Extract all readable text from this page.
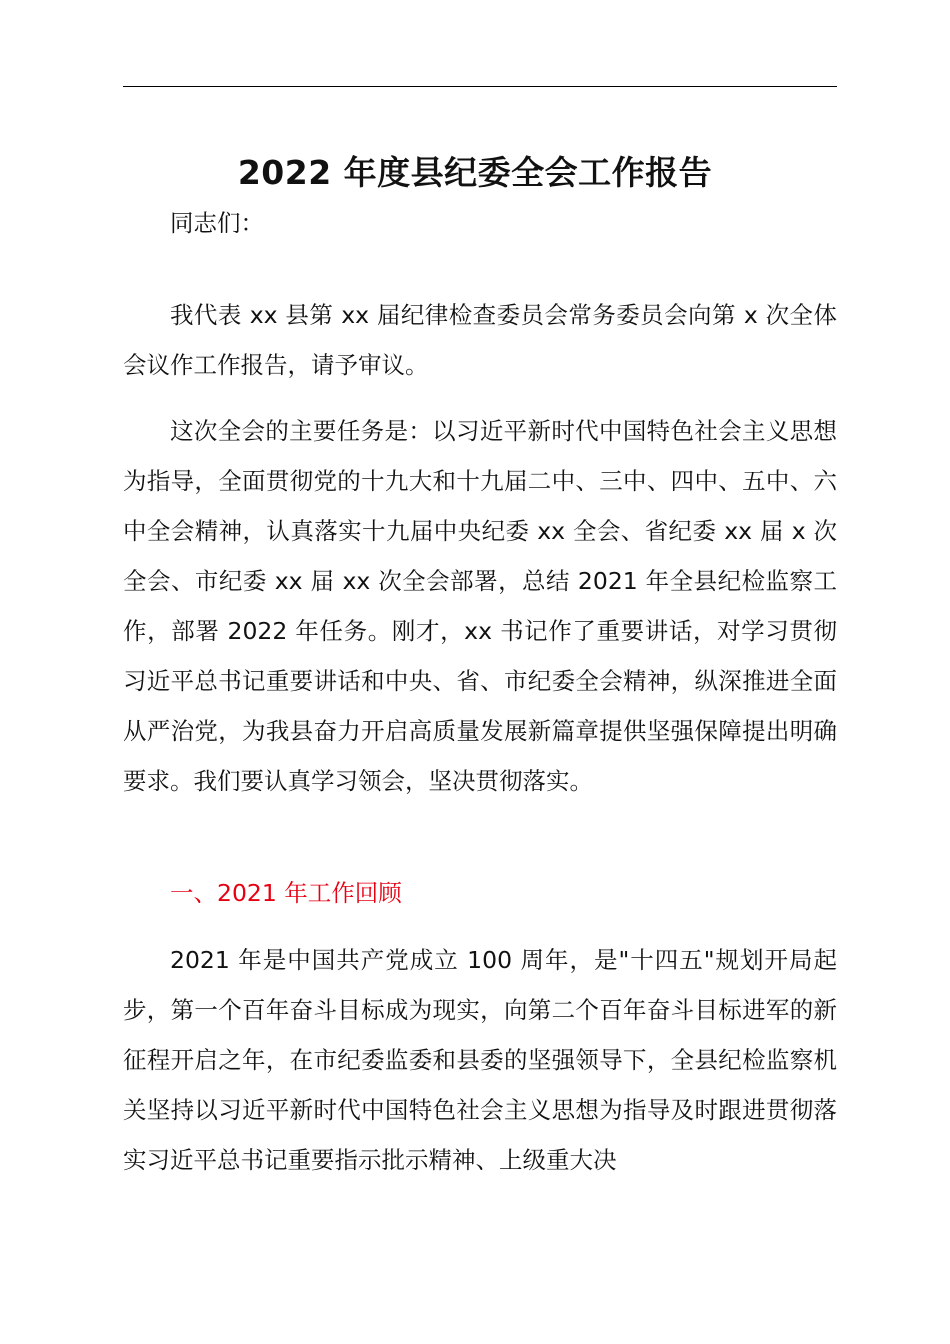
2022 年度县纪委全会工作报告

同志们：

我代表 xx 县第 xx 届纪律检查委员会常务委员会向第 x 次全体会议作工作报告，请予审议。

这次全会的主要任务是：以习近平新时代中国特色社会主义思想为指导，全面贯彻党的十九大和十九届二中、三中、四中、五中、六中全会精神，认真落实十九届中央纪委 xx 全会、省纪委 xx 届 x 次全会、市纪委 xx 届 xx 次全会部署，总结 2021 年全县纪检监察工作，部署 2022 年任务。刚才，xx 书记作了重要讲话，对学习贯彻习近平总书记重要讲话和中央、省、市纪委全会精神，纵深推进全面从严治党，为我县奋力开启高质量发展新篇章提供坚强保障提出明确要求。我们要认真学习领会，坚决贯彻落实。

一、2021 年工作回顾

2021 年是中国共产党成立 100 周年，是"十四五"规划开局起步，第一个百年奋斗目标成为现实，向第二个百年奋斗目标进军的新征程开启之年，在市纪委监委和县委的坚强领导下，全县纪检监察机关坚持以习近平新时代中国特色社会主义思想为指导及时跟进贯彻落实习近平总书记重要指示批示精神、上级重大决
